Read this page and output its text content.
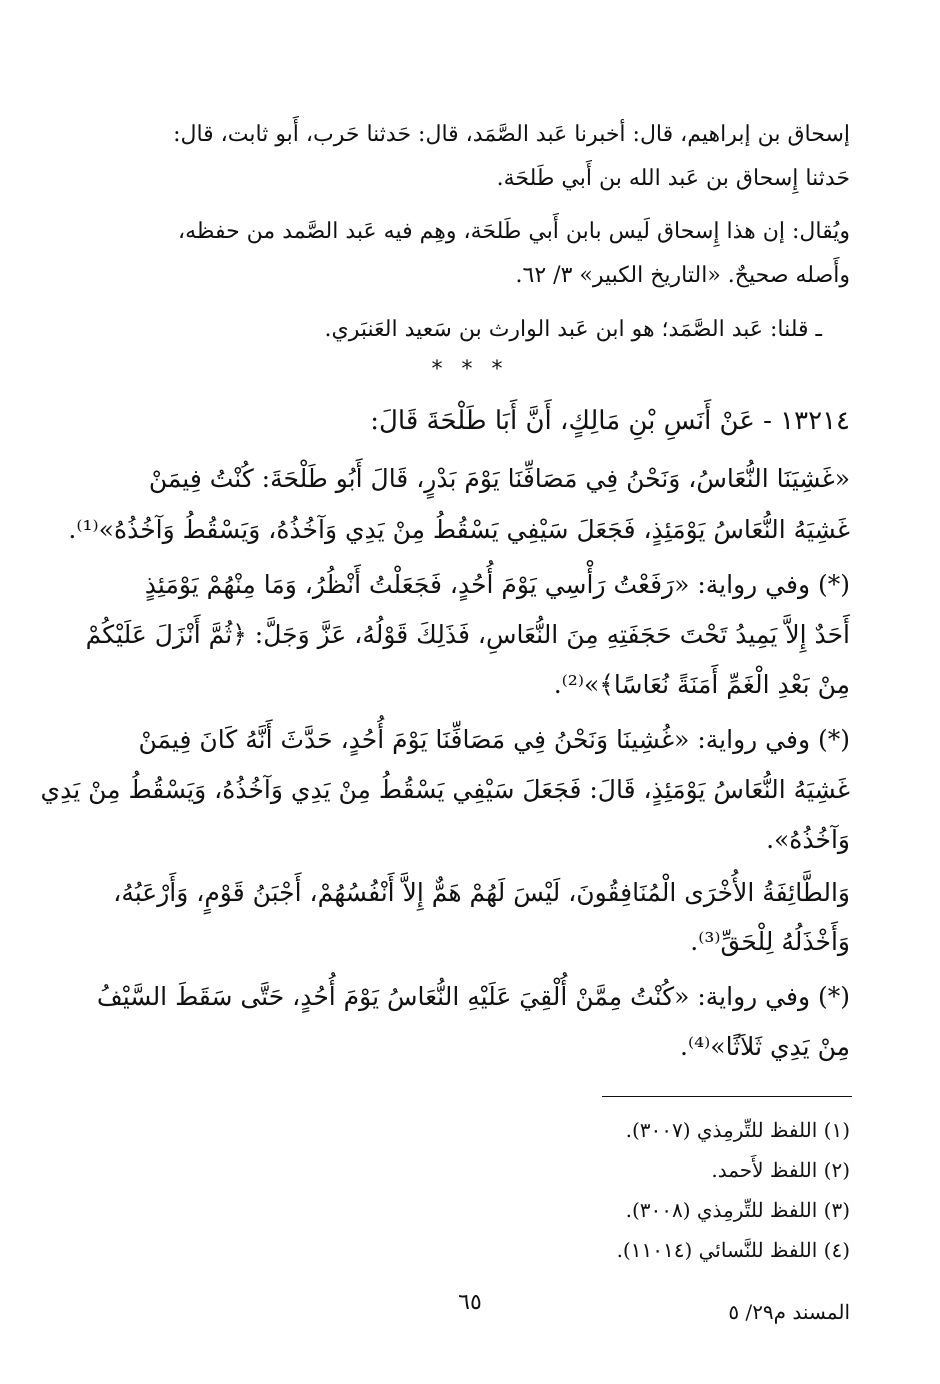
إسحاق بن إبراهيم، قال: أخبرنا عَبد الصَّمَد، قال: حَدثنا حَرب، أَبو ثابت، قال:
حَدثنا إِسحاق بن عَبد الله بن أَبي طَلحَة.
ويُقال: إن هذا إِسحاق لَيس بابن أَبي طَلحَة، وهِم فيه عَبد الصَّمد من حفظه،
وأَصله صحيحٌ. «التاريخ الكبير» ٣/ ٦٢.
ـ قلنا: عَبد الصَّمَد؛ هو ابن عَبد الوارث بن سَعيد العَنبَري.
* * *
١٣٢١٤ - عَنْ أَنَسِ بْنِ مَالِكٍ، أَنَّ أَبَا طَلْحَةَ قَالَ:
«غَشِيَنَا النُّعَاسُ، وَنَحْنُ فِي مَصَافِّنَا يَوْمَ بَدْرٍ، قَالَ أَبُو طَلْحَةَ: كُنْتُ فِيمَنْ
غَشِيَهُ النُّعَاسُ يَوْمَئِذٍ، فَجَعَلَ سَيْفِي يَسْقُطُ مِنْ يَدِي وَآخُذُهُ، وَيَسْقُطُ وَآخُذُهُ»⁽¹⁾.
(*) وفي رواية: «رَفَعْتُ رَأْسِي يَوْمَ أُحُدٍ، فَجَعَلْتُ أَنْظُرُ، وَمَا مِنْهُمْ يَوْمَئِذٍ
أَحَدٌ إِلاَّ يَمِيدُ تَحْتَ حَجَفَتِهِ مِنَ النُّعَاسِ، فَذَلِكَ قَوْلُهُ، عَزَّ وَجَلَّ: ﴿ثُمَّ أَنْزَلَ عَلَيْكُمْ
مِنْ بَعْدِ الْغَمِّ أَمَنَةً نُعَاسًا﴾»⁽²⁾.
(*) وفي رواية: «غُشِينَا وَنَحْنُ فِي مَصَافِّنَا يَوْمَ أُحُدٍ، حَدَّثَ أَنَّهُ كَانَ فِيمَنْ
غَشِيَهُ النُّعَاسُ يَوْمَئِذٍ، قَالَ: فَجَعَلَ سَيْفِي يَسْقُطُ مِنْ يَدِي وَآخُذُهُ، وَيَسْقُطُ مِنْ يَدِي
وَآخُذُهُ».
وَالطَّائِفَةُ الأُخْرَى الْمُنَافِقُونَ، لَيْسَ لَهُمْ هَمٌّ إِلاَّ أَنْفُسُهُمْ، أَجْبَنُ قَوْمٍ، وَأَرْعَبُهُ،
وَأَخْذَلُهُ لِلْحَقِّ⁽³⁾.
(*) وفي رواية: «كُنْتُ مِمَّنْ أُلْقِيَ عَلَيْهِ النُّعَاسُ يَوْمَ أُحُدٍ، حَتَّى سَقَطَ السَّيْفُ
مِنْ يَدِي ثَلاَثًا»⁽⁴⁾.
(١) اللفظ للتِّرمِذي (٣٠٠٧).
(٢) اللفظ لأَحمد.
(٣) اللفظ للتِّرمِذي (٣٠٠٨).
(٤) اللفظ للنَّسائي (١١٠١٤).
٦٥	المسند م٢٩/ ٥
